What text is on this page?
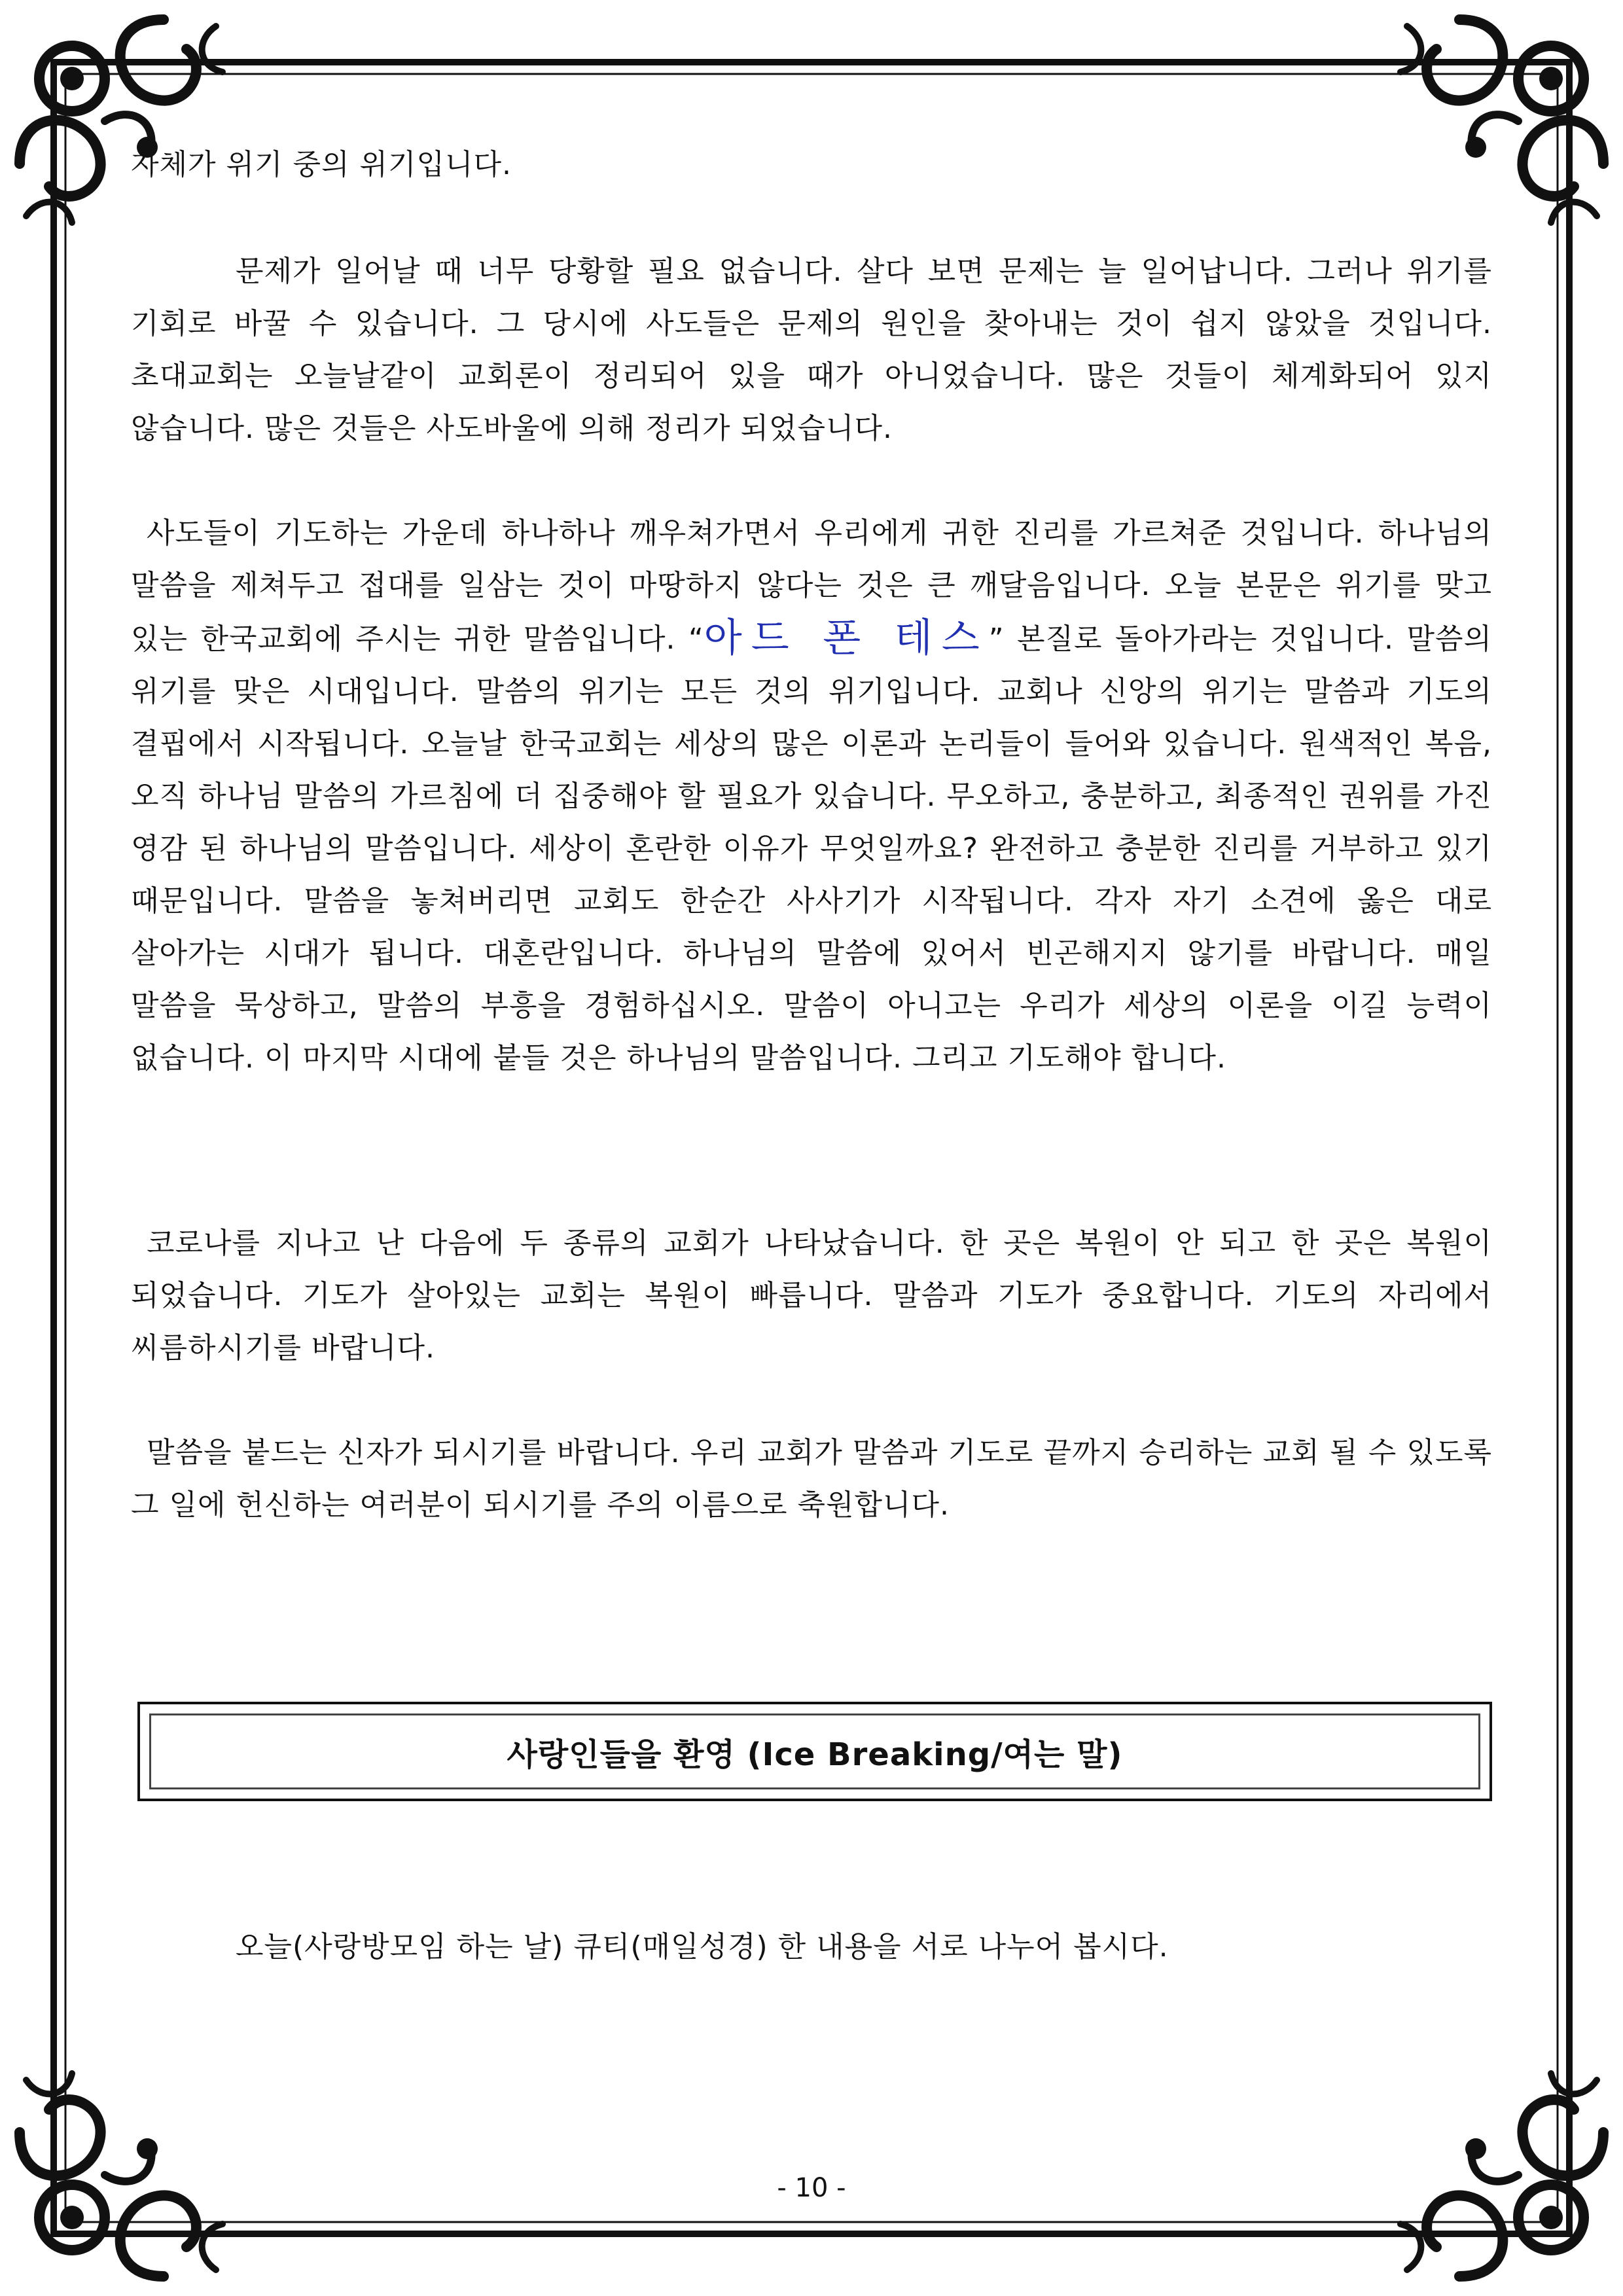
자체가 위기 중의 위기입니다.

문제가 일어날 때 너무 당황할 필요 없습니다. 살다 보면 문제는 늘 일어납니다. 그러나 위기를 기회로 바꿀 수 있습니다. 그 당시에 사도들은 문제의 원인을 찾아내는 것이 쉽지 않았을 것입니다. 초대교회는 오늘날같이 교회론이 정리되어 있을 때가 아니었습니다. 많은 것들이 체계화되어 있지 않습니다. 많은 것들은 사도바울에 의해 정리가 되었습니다.

사도들이 기도하는 가운데 하나하나 깨우쳐가면서 우리에게 귀한 진리를 가르쳐준 것입니다. 하나님의 말씀을 제쳐두고 접대를 일삼는 것이 마땅하지 않다는 것은 큰 깨달음입니다. 오늘 본문은 위기를 맞고 있는 한국교회에 주시는 귀한 말씀입니다. “아드 폰 테스” 본질로 돌아가라는 것입니다. 말씀의 위기를 맞은 시대입니다. 말씀의 위기는 모든 것의 위기입니다. 교회나 신앙의 위기는 말씀과 기도의 결핍에서 시작됩니다. 오늘날 한국교회는 세상의 많은 이론과 논리들이 들어와 있습니다. 원색적인 복음, 오직 하나님 말씀의 가르침에 더 집중해야 할 필요가 있습니다. 무오하고, 충분하고, 최종적인 권위를 가진 영감 된 하나님의 말씀입니다. 세상이 혼란한 이유가 무엇일까요? 완전하고 충분한 진리를 거부하고 있기 때문입니다. 말씀을 놓쳐버리면 교회도 한순간 사사기가 시작됩니다. 각자 자기 소견에 옳은 대로 살아가는 시대가 됩니다. 대혼란입니다. 하나님의 말씀에 있어서 빈곤해지지 않기를 바랍니다. 매일 말씀을 묵상하고, 말씀의 부흥을 경험하십시오. 말씀이 아니고는 우리가 세상의 이론을 이길 능력이 없습니다. 이 마지막 시대에 붙들 것은 하나님의 말씀입니다. 그리고 기도해야 합니다.

코로나를 지나고 난 다음에 두 종류의 교회가 나타났습니다. 한 곳은 복원이 안 되고 한 곳은 복원이 되었습니다. 기도가 살아있는 교회는 복원이 빠릅니다. 말씀과 기도가 중요합니다. 기도의 자리에서 씨름하시기를 바랍니다.

말씀을 붙드는 신자가 되시기를 바랍니다. 우리 교회가 말씀과 기도로 끝까지 승리하는 교회 될 수 있도록 그 일에 헌신하는 여러분이 되시기를 주의 이름으로 축원합니다.

사랑인들을 환영 (Ice Breaking/여는 말)

오늘(사랑방모임 하는 날) 큐티(매일성경) 한 내용을 서로 나누어 봅시다.

- 10 -
